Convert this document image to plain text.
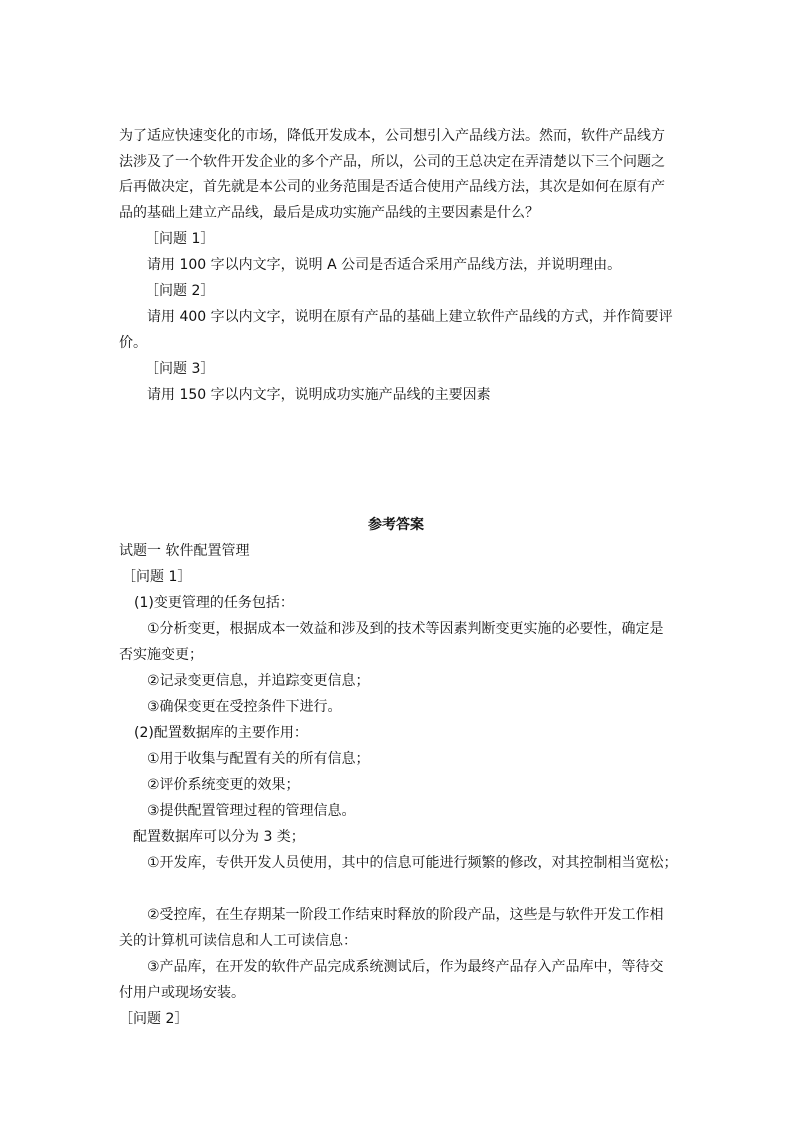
为了适应快速变化的市场，降低开发成本，公司想引入产品线方法。然而，软件产品线方
法涉及了一个软件开发企业的多个产品，所以，公司的王总决定在弄清楚以下三个问题之
后再做决定，首先就是本公司的业务范围是否适合使用产品线方法，其次是如何在原有产
品的基础上建立产品线，最后是成功实施产品线的主要因素是什么？
［问题 1］
请用 100 字以内文字，说明 A 公司是否适合采用产品线方法，并说明理由。
［问题 2］
请用 400 字以内文字，说明在原有产品的基础上建立软件产品线的方式，并作简要评
价。
［问题 3］
请用 150 字以内文字，说明成功实施产品线的主要因素
参考答案
试题一 软件配置管理
［问题 1］
(1)变更管理的任务包括：
①分析变更，根据成本一效益和涉及到的技术等因素判断变更实施的必要性，确定是
否实施变更；
②记录变更信息，并追踪变更信息；
③确保变更在受控条件下进行。
(2)配置数据库的主要作用：
①用于收集与配置有关的所有信息；
②评价系统变更的效果；
③提供配置管理过程的管理信息。
配置数据库可以分为 3 类；
①开发库，专供开发人员使用，其中的信息可能进行频繁的修改，对其控制相当宽松；
②受控库，在生存期某一阶段工作结束时释放的阶段产品，这些是与软件开发工作相
关的计算机可读信息和人工可读信息：
③产品库，在开发的软件产品完成系统测试后，作为最终产品存入产品库中，等待交
付用户或现场安装。
［问题 2］
